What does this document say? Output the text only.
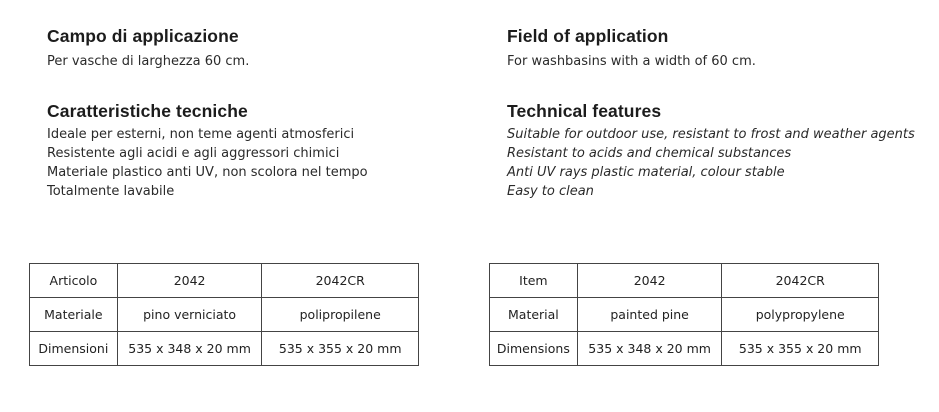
Campo di applicazione

Per vasche di larghezza 60 cm.

Caratteristiche tecniche
Ideale per esterni, non teme agenti atmosferici
Resistente agli acidi e agli aggressori chimici
Materiale plastico anti UV, non scolora nel tempo
Totalmente lavabile
Field of application

For washbasins with a width of 60 cm.

Technical features
Suitable for outdoor use, resistant to frost and weather agents
Resistant to acids and chemical substances
Anti UV rays plastic material, colour stable
Easy to clean
Articolo	2042	2042CR
Materiale	pino verniciato	polipropilene
Dimensioni	535 x 348 x 20 mm	535 x 355 x 20 mm
Item	2042	2042CR
Material	painted pine	polypropylene
Dimensions	535 x 348 x 20 mm	535 x 355 x 20 mm
